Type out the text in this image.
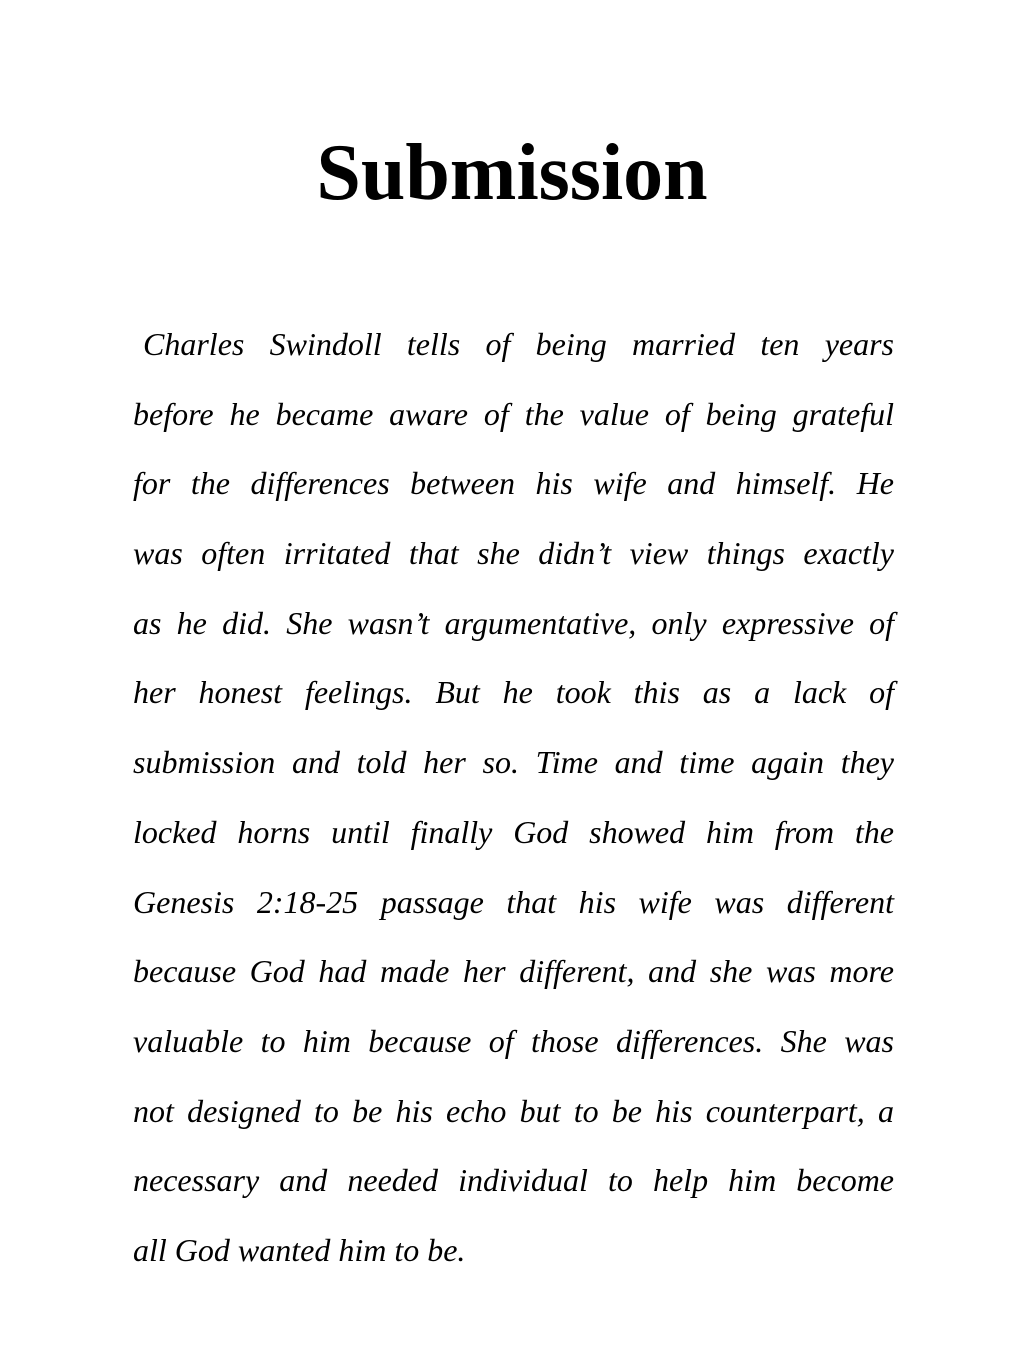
Submission
Charles Swindoll tells of being married ten years
before he became aware of the value of being grateful
for the differences between his wife and himself. He
was often irritated that she didn’t view things exactly
as he did. She wasn’t argumentative, only expressive of
her honest feelings. But he took this as a lack of
submission and told her so. Time and time again they
locked horns until finally God showed him from the
Genesis 2:18-25 passage that his wife was different
because God had made her different, and she was more
valuable to him because of those differences. She was
not designed to be his echo but to be his counterpart, a
necessary and needed individual to help him become
all God wanted him to be.
